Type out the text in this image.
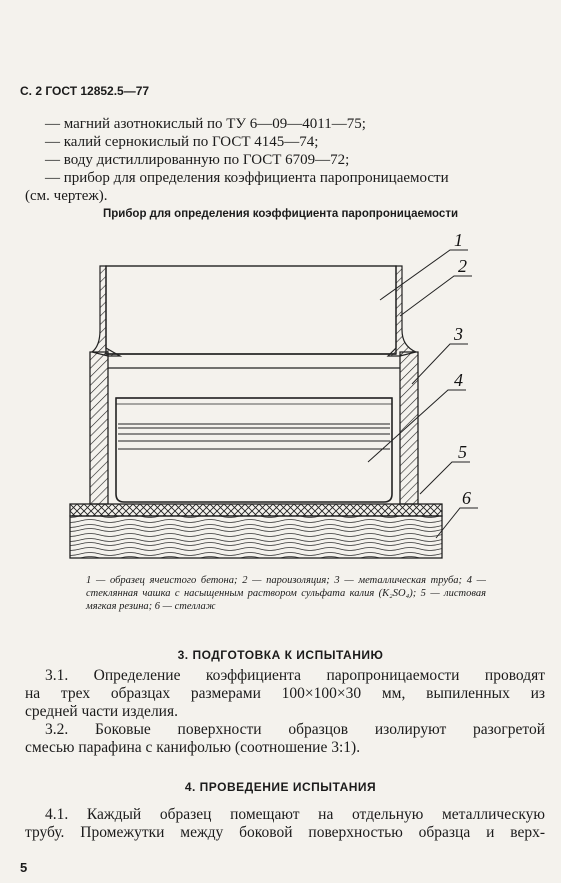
С. 2 ГОСТ 12852.5—77
— магний азотнокислый по ТУ 6—09—4011—75;
— калий сернокислый по ГОСТ 4145—74;
— воду дистиллированную по ГОСТ 6709—72;
— прибор для определения коэффициента паропроницаемости
(см. чертеж).
Прибор для определения коэффициента паропроницаемости
1
2
3
4
5
6
1 — образец ячеистого бетона; 2 — пароизоляция; 3 — металлическая труба; 4 — стеклянная чашка с насыщенным раствором сульфата калия (K₂SO₄); 5 — листовая мягкая резина; 6 — стеллаж
3. ПОДГОТОВКА К ИСПЫТАНИЮ
3.1. Определение коэффициента паропроницаемости проводят
на трех образцах размерами 100×100×30 мм, выпиленных из
средней части изделия.
3.2. Боковые поверхности образцов изолируют разогретой
смесью парафина с канифолью (соотношение 3:1).
4. ПРОВЕДЕНИЕ ИСПЫТАНИЯ
4.1. Каждый образец помещают на отдельную металлическую
трубу. Промежутки между боковой поверхностью образца и верх-
5
